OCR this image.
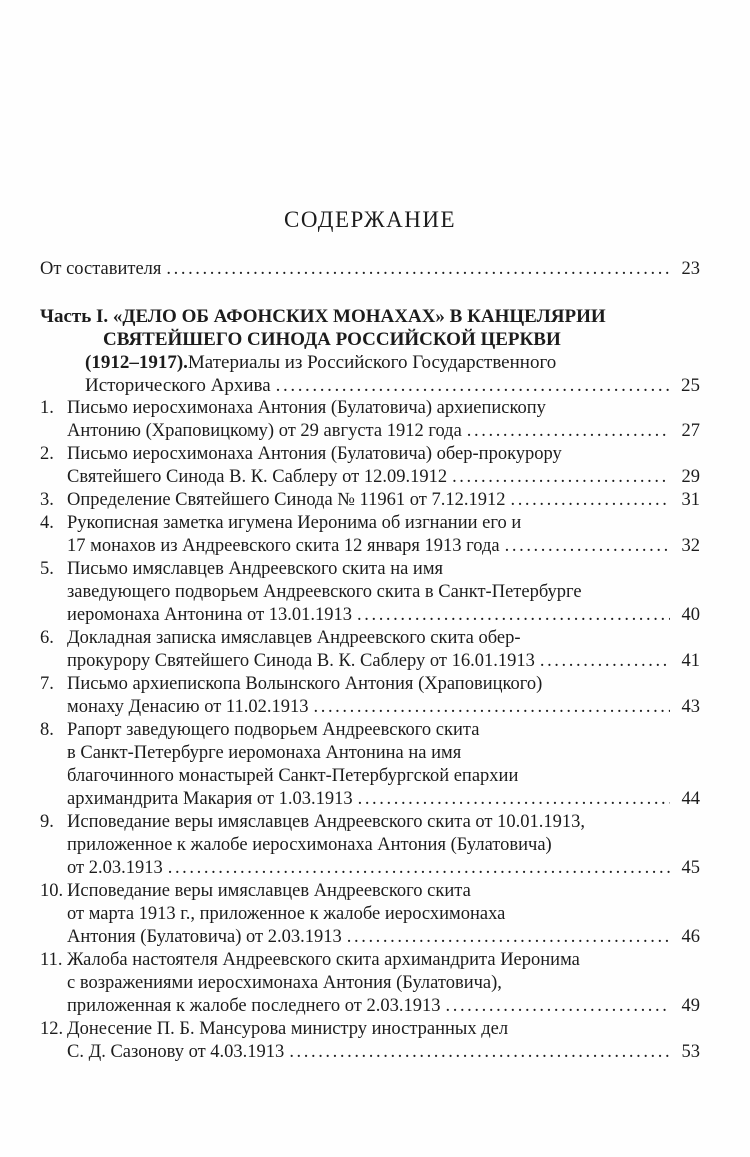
СОДЕРЖАНИЕ
От составителя .....	23
Часть I. «ДЕЛО ОБ АФОНСКИХ МОНАХАХ» В КАНЦЕЛЯРИИ
СВЯТЕЙШЕГО СИНОДА РОССИЙСКОЙ ЦЕРКВИ
(1912–1917). Материалы из Российского Государственного
Исторического Архива .....	25
1. Письмо иеросхимонаха Антония (Булатовича) архиепископу
Антонию (Храповицкому) от 29 августа 1912 года .....	27
2. Письмо иеросхимонаха Антония (Булатовича) обер-прокурору
Святейшего Синода В. К. Саблеру от 12.09.1912 .....	29
3. Определение Святейшего Синода № 11961 от 7.12.1912 .....	31
4. Рукописная заметка игумена Иеронима об изгнании его и
17 монахов из Андреевского скита 12 января 1913 года .....	32
5. Письмо имяславцев Андреевского скита на имя
заведующего подворьем Андреевского скита в Санкт-Петербурге
иеромонаха Антонина от 13.01.1913 .....	40
6. Докладная записка имяславцев Андреевского скита обер-
прокурору Святейшего Синода В. К. Саблеру от 16.01.1913 .....	41
7. Письмо архиепископа Волынского Антония (Храповицкого)
монаху Денасию от 11.02.1913 .....	43
8. Рапорт заведующего подворьем Андреевского скита
в Санкт-Петербурге иеромонаха Антонина на имя
благочинного монастырей Санкт-Петербургской епархии
архимандрита Макария от 1.03.1913 .....	44
9. Исповедание веры имяславцев Андреевского скита от 10.01.1913,
приложенное к жалобе иеросхимонаха Антония (Булатовича)
от 2.03.1913 .....	45
10. Исповедание веры имяславцев Андреевского скита
от марта 1913 г., приложенное к жалобе иеросхимонаха
Антония (Булатовича) от 2.03.1913 .....	46
11. Жалоба настоятеля Андреевского скита архимандрита Иеронима
с возражениями иеросхимонаха Антония (Булатовича),
приложенная к жалобе последнего от 2.03.1913 .....	49
12. Донесение П. Б. Мансурова министру иностранных дел
С. Д. Сазонову от 4.03.1913 .....	53
